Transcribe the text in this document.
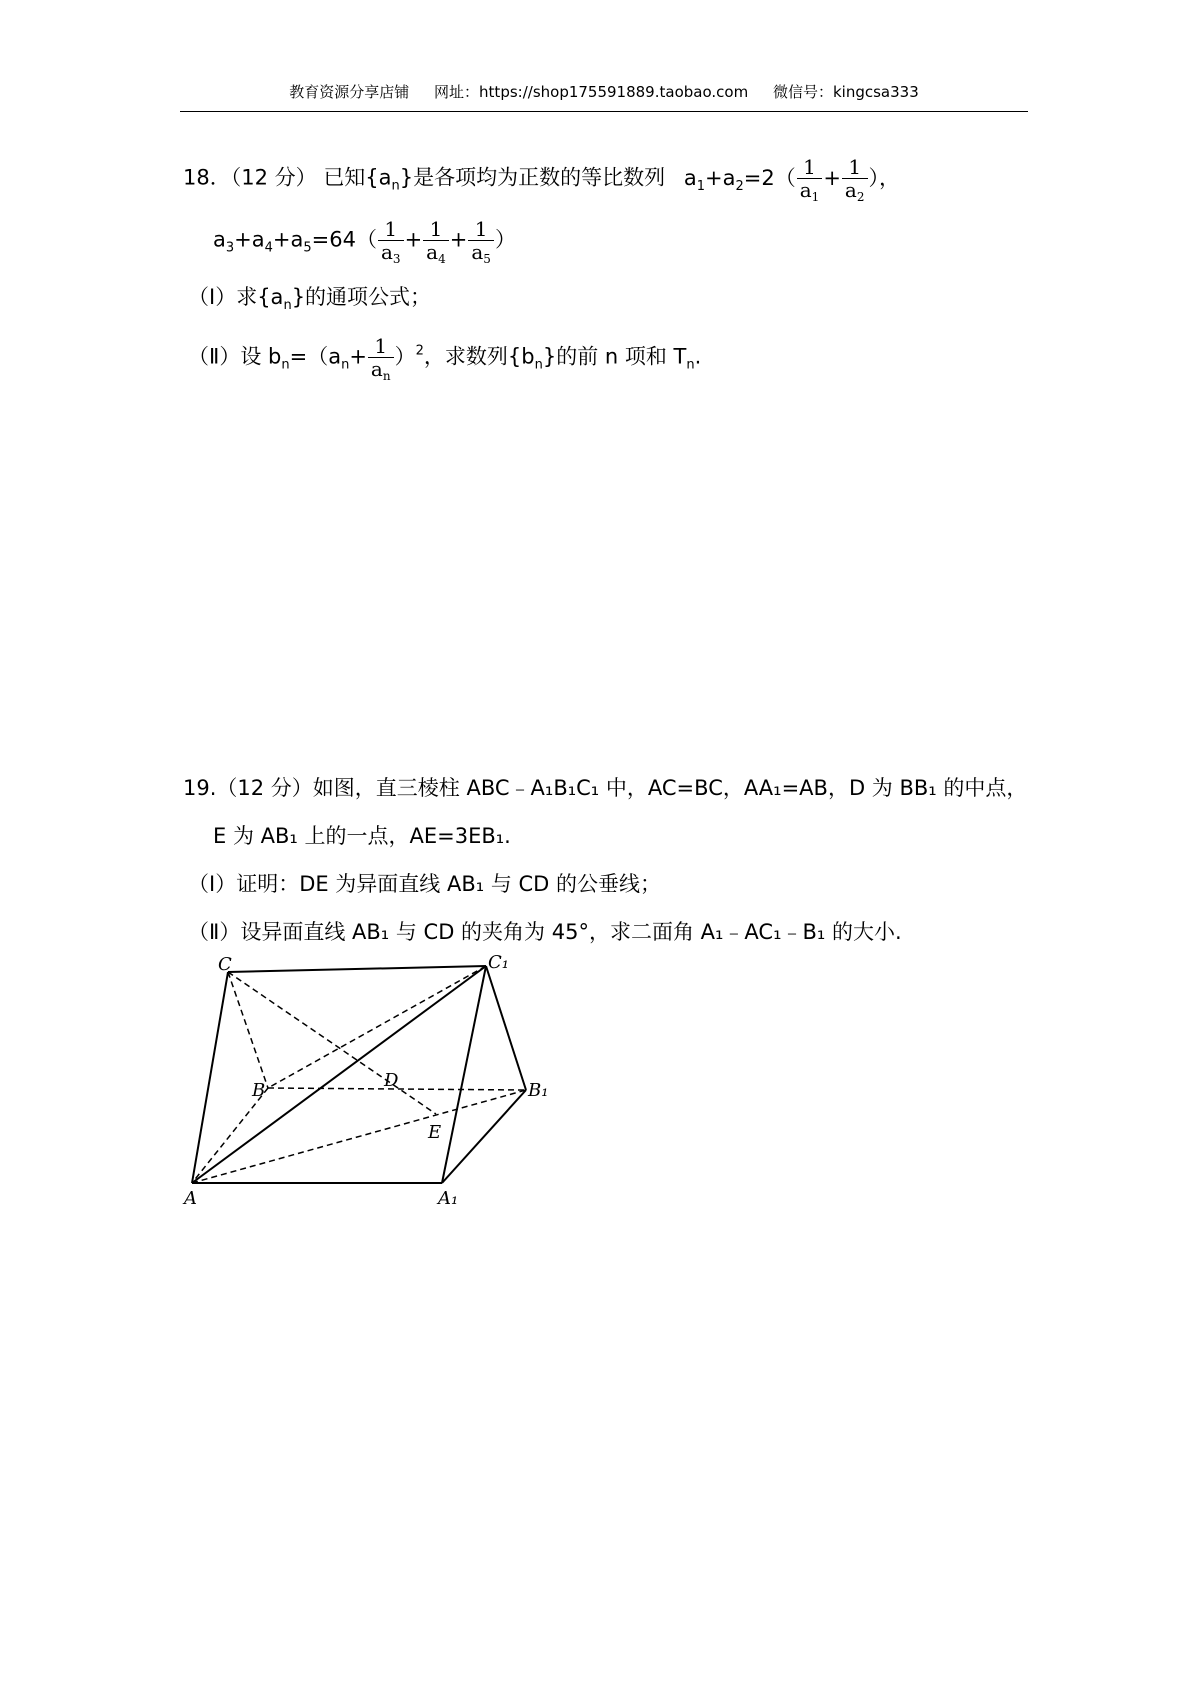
教育资源分享店铺 网址：https://shop175591889.taobao.com 微信号：kingcsa333
18．（12 分） 已知$\{a_n\}$是各项均为正数的等比数列 $a_1+a_2=2( \frac{1}{a_1} + \frac{1}{a_2}$ ），
$a_3+a_4+a_5=64( \frac{1}{a_3} + \frac{1}{a_4} + \frac{1}{a_5}$ ）
（Ⅰ）求$\{a_n\}$的通项公式；
（Ⅱ）设 $b_n=(a_n+ \frac{1}{a_n} )^2$，求数列$\{b_n\}$的前 n 项和 $T_n$.
19.（12 分）如图，直三棱柱 ABC﹣A₁B₁C₁ 中，AC=BC，AA₁=AB，D 为 BB₁ 的中点，
E 为 AB₁ 上的一点，AE=3EB₁.
（Ⅰ）证明：DE 为异面直线 AB₁ 与 CD 的公垂线；
（Ⅱ）设异面直线 AB₁ 与 CD 的夹角为 45°，求二面角 A₁﹣AC₁﹣B₁ 的大小.
C	C₁
B	D	B₁
E
A	A₁
